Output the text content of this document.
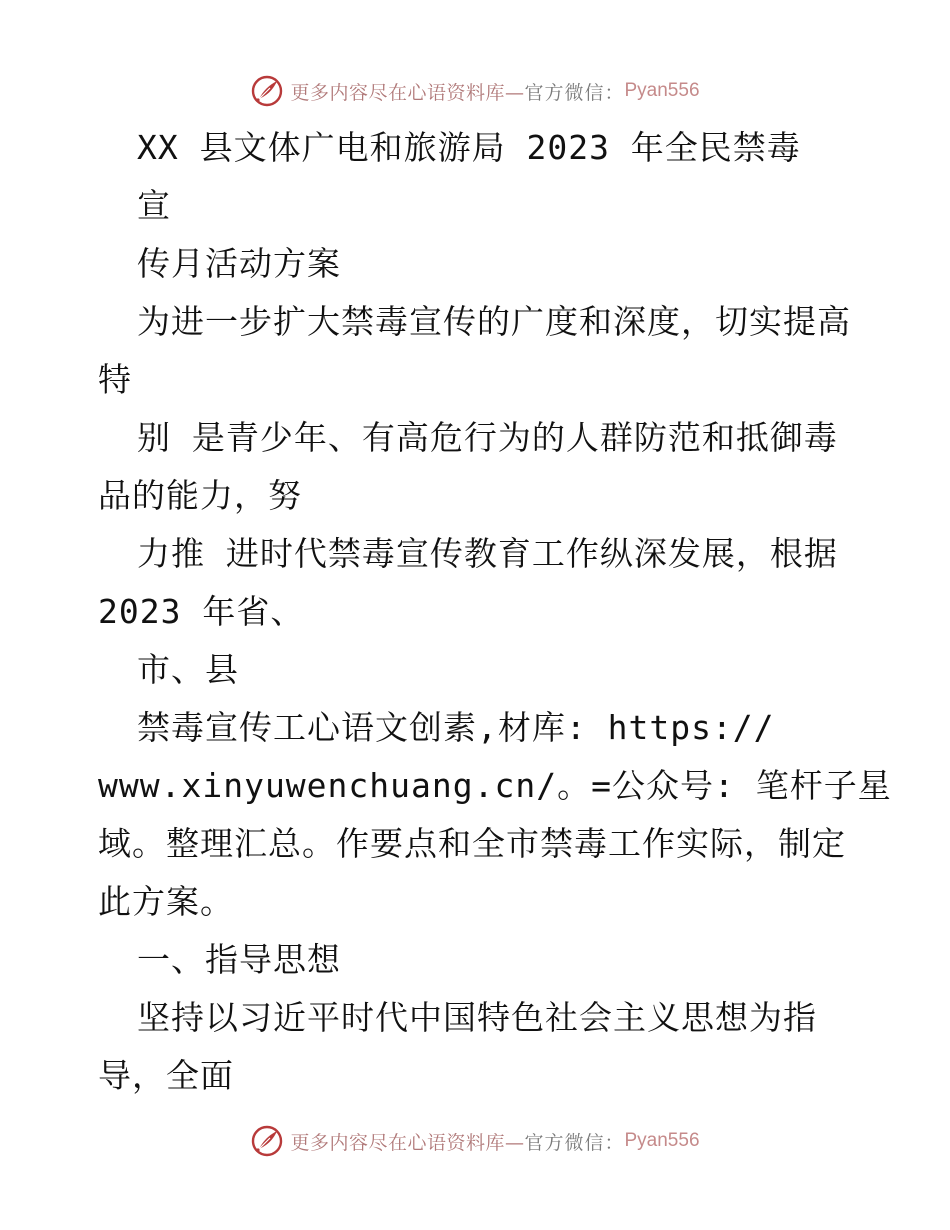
更多内容尽在心语资料库— 官方微信： Pyan556
XX 县文体广电和旅游局 2023 年全民禁毒
宣
传月活动方案
为进一步扩大禁毒宣传的广度和深度，切实提高
特
别 是青少年、有高危行为的人群防范和抵御毒
品的能力，努
力推 进时代禁毒宣传教育工作纵深发展，根据
2023 年省、
市、县
禁毒宣传工心语文创素,材库: https://
www.xinyuwenchuang.cn/。=公众号: 笔杆子星
域。整理汇总。作要点和全市禁毒工作实际，制定
此方案。
一、指导思想
坚持以习近平时代中国特色社会主义思想为指
导，全面
更多内容尽在心语资料库— 官方微信： Pyan556
